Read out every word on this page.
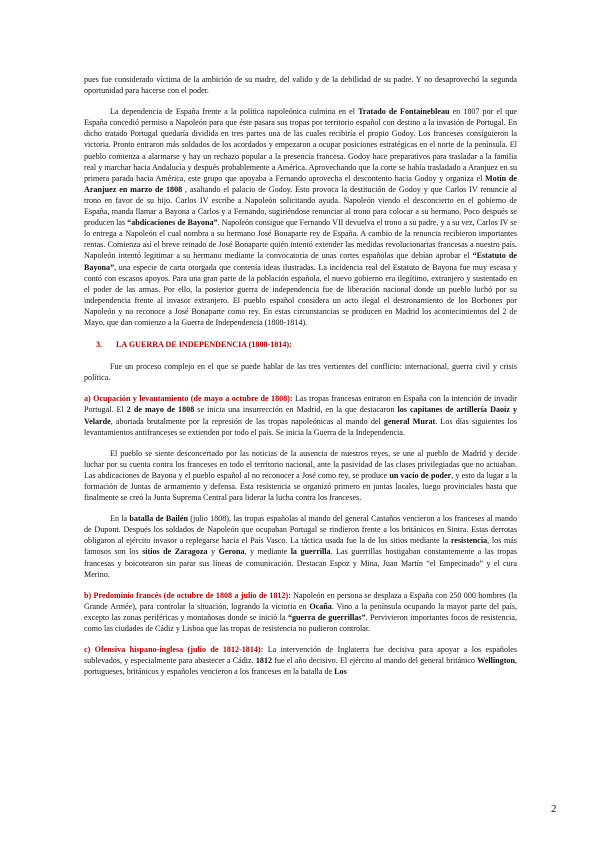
pues fue considerado víctima de la ambición de su madre, del valido y de la debilidad de su padre. Y no desaprovechó la segunda oportunidad para hacerse con el poder.

La dependencia de España frente a la política napoleónica culmina en el Tratado de Fontainebleau en 1807 por el que España concedió permiso a Napoleón para que éste pasara sus tropas por territorio español con destino a la invasión de Portugal. En dicho tratado Portugal quedaría dividida en tres partes una de las cuales recibiría el propio Godoy. Los franceses consiguieron la victoria. Pronto entraron más soldados de los acordados y empezaron a ocupar posiciones estratégicas en el norte de la península. El pueblo comienza a alarmarse y hay un rechazo popular a la presencia francesa. Godoy hace preparativos para trasladar a la familia real y marchar hacia Andalucía y después probablemente a América. Aprovechando que la corte se había trasladado a Aranjuez en su primera parada hacia América, este grupo que apoyaba a Fernando aprovecha el descontento hacia Godoy y organiza el Motín de Aranjuez en marzo de 1808 , asaltando el palacio de Godoy. Esto provoca la destitución de Godoy y que Carlos IV renuncie al trono en favor de su hijo. Carlos IV escribe a Napoleón solicitando ayuda. Napoleón viendo el desconcierto en el gobierno de España, manda llamar a Bayona a Carlos y a Fernando, sugiriéndose renunciar al trono para colocar a su hermano. Poco después se producen las “abdicaciones de Bayona”. Napoleón consigue que Fernando VII devuelva el trono a su padre, y a su vez, Carlos IV se lo entrega a Napoleón el cual nombra a su hermano José Bonaparte rey de España. A cambio de la renuncia recibieron importantes rentas. Comienza así el breve reinado de José Bonaparte quién intentó extender las medidas revolucionarias francesas a nuestro país. Napoleón intentó legitimar a su hermano mediante la convocatoria de unas cortes españolas que debían aprobar el “Estatuto de Bayona”, una especie de carta otorgada que contenía ideas ilustradas. La incidencia real del Estatuto de Bayona fue muy escasa y contó con escasos apoyos. Para una gran parte de la población española, el nuevo gobierno era ilegítimo, extranjero y sustentado en el poder de las armas. Por ello, la posterior guerra de independencia fue de liberación nacional donde un pueblo luchó por su independencia frente al invasor extranjero. El pueblo español considera un acto ilegal el destronamiento de los Borbones por Napoleón y no reconoce a José Bonaparte como rey. En estas circunstancias se producen en Madrid los acontecimientos del 2 de Mayo, que dan comienzo a la Guerra de Independencia (1808-1814).

3. LA GUERRA DE INDEPENDENCIA (1808-1814):

Fue un proceso complejo en el que se puede hablar de las tres vertientes del conflicto: internacional, guerra civil y crisis política.

a) Ocupación y levantamiento (de mayo a octubre de 1808): Las tropas francesas entraron en España con la intención de invadir Portugal. El 2 de mayo de 1808 se inicia una insurrección en Madrid, en la que destacaron los capitanes de artillería Daoiz y Velarde, abortada brutalmente por la represión de las tropas napoleónicas al mando del general Murat. Los días siguientes los levantamientos antifranceses se extienden por todo el país. Se inicia la Guerra de la Independencia.

El pueblo se siente desconcertado por las noticias de la ausencia de nuestros reyes, se une al pueblo de Madrid y decide luchar por su cuenta contra los franceses en todo el territorio nacional, ante la pasividad de las clases privilegiadas que no actuaban. Las abdicaciones de Bayona y el pueblo español al no reconocer a José como rey, se produce un vacío de poder, y esto da lugar a la formación de Juntas de armamento y defensa. Esta resistencia se organizó primero en juntas locales, luego provinciales hasta que finalmente se creó la Junta Suprema Central para liderar la lucha contra los franceses.

En la batalla de Bailén (julio 1808), las tropas españolas al mando del general Castaños vencieron a los franceses al mando de Dupont. Después los soldados de Napoleón que ocupaban Portugal se rindieron frente a los británicos en Sintra. Estas derrotas obligaron al ejército invasor a replegarse hacia el País Vasco. La táctica usada fue la de los sitios mediante la resistencia, los más famosos son los sitios de Zaragoza y Gerona, y mediante la guerrilla. Las guerrillas hostigaban constantemente a las tropas francesas y boicotearon sin parar sus líneas de comunicación. Destacan Espoz y Mina, Juan Martín “el Empecinado” y el cura Merino.

b) Predominio francés (de octubre de 1808 a julio de 1812): Napoleón en persona se desplaza a España con 250 000 hombres (la Grande Armée), para controlar la situación, logrando la victoria en Ocaña. Vino a la península ocupando la mayor parte del país, excepto las zonas periféricas y montañosas donde se inició la “guerra de guerrillas”. Pervivieron importantes focos de resistencia, como las ciudades de Cádiz y Lisboa que las tropas de resistencia no pudieron controlar.

c) Ofensiva hispano-inglesa (julio de 1812-1814): La intervención de Inglaterra fue decisiva para apoyar a los españoles sublevados, y especialmente para abastecer a Cádiz. 1812 fue el año decisivo. El ejército al mando del general británico Wellington, portugueses, británicos y españoles vencieron a los franceses en la batalla de Los

2
